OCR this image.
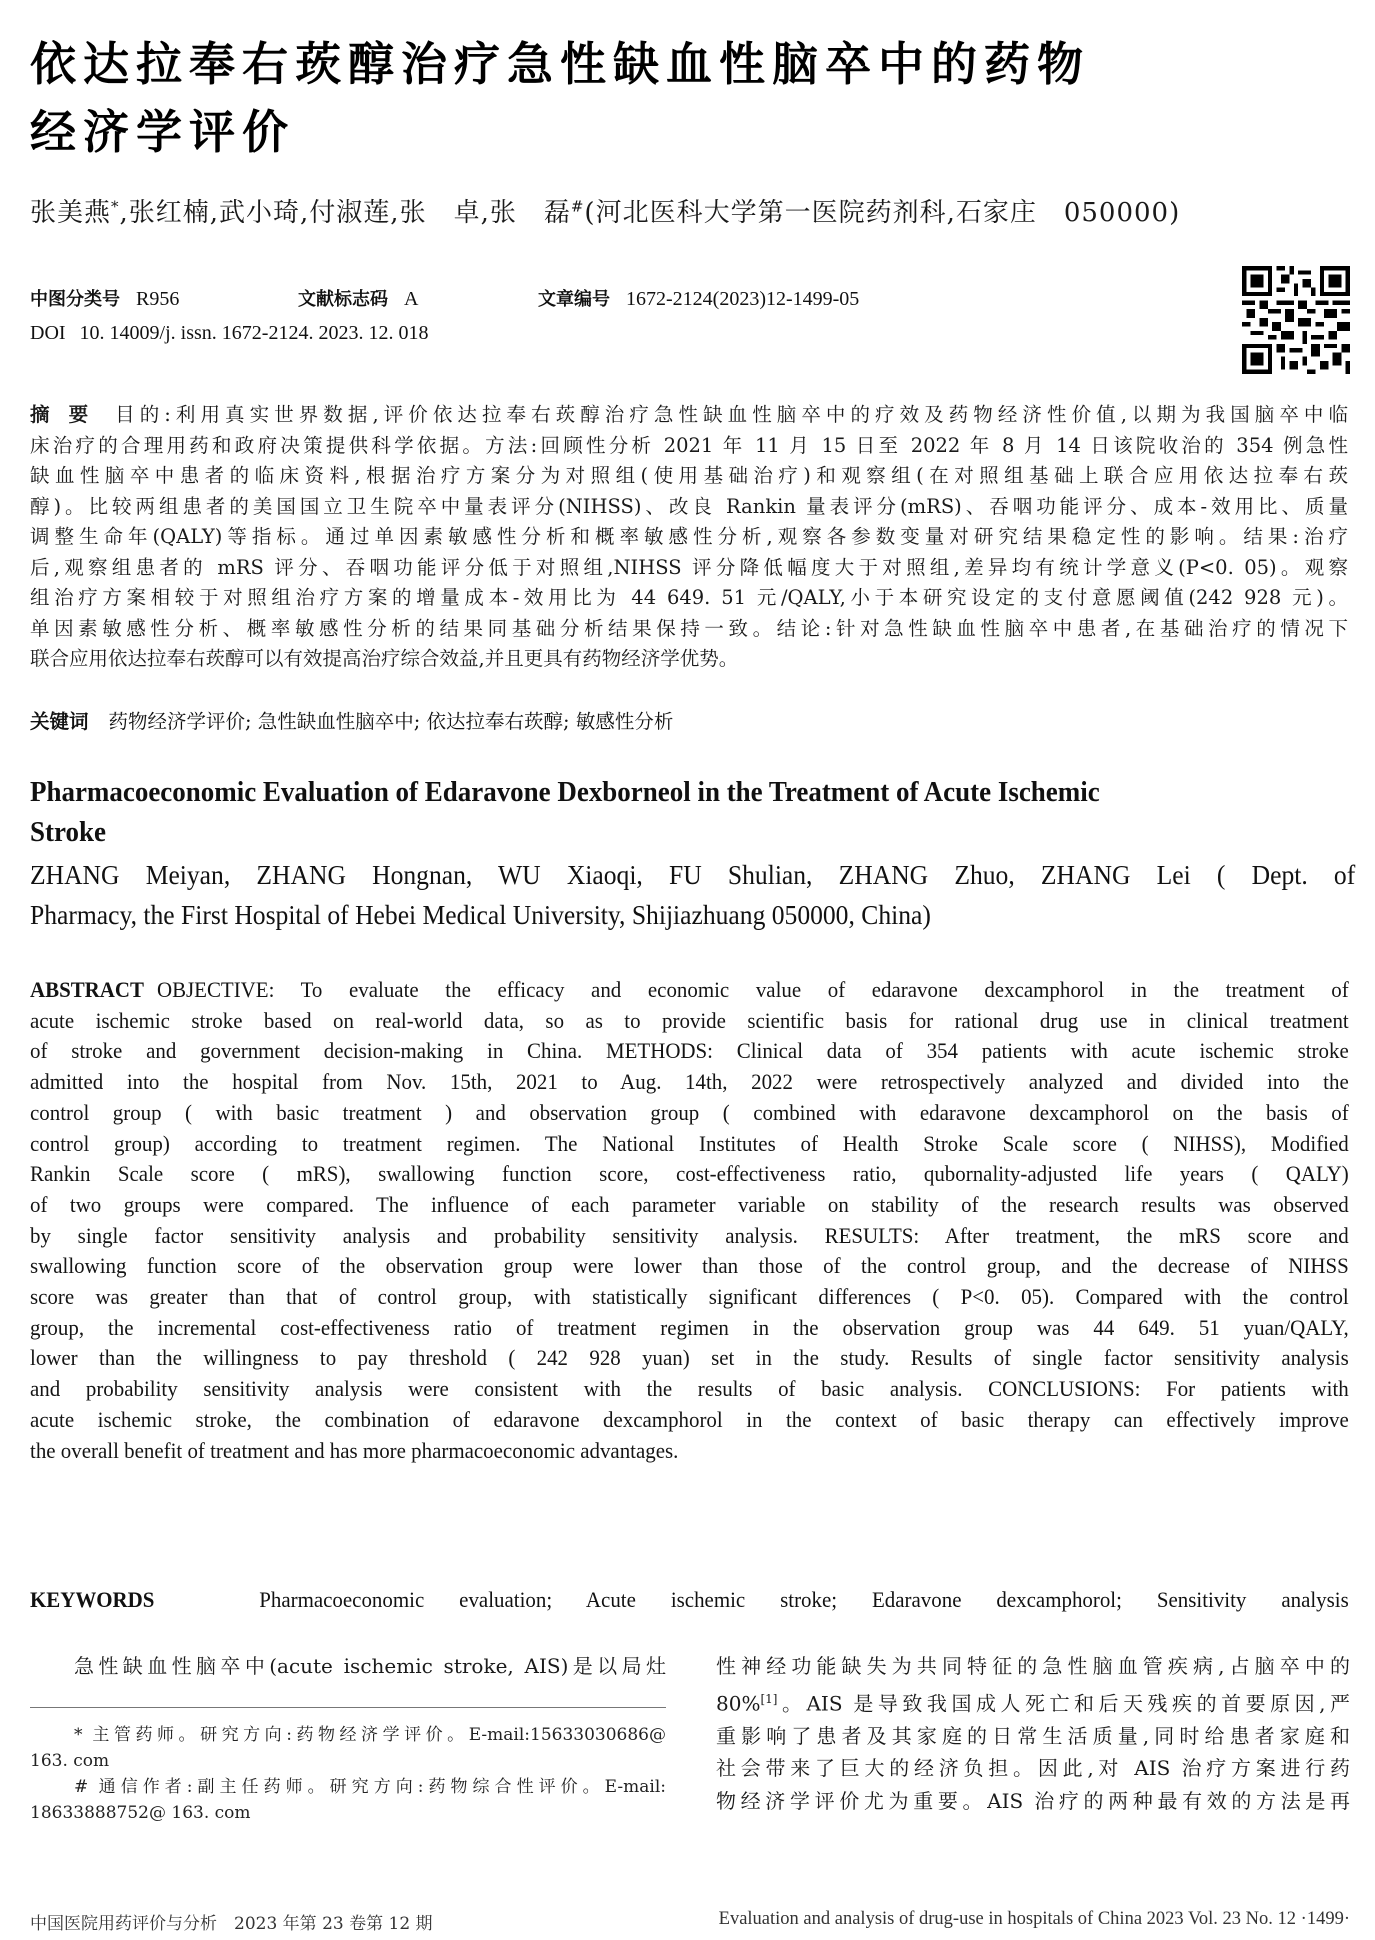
依达拉奉右莰醇治疗急性缺血性脑卒中的药物
经济学评价
张美燕*,张红楠,武小琦,付淑莲,张　卓,张　磊#(河北医科大学第一医院药剂科,石家庄　050000)
中图分类号 R956	文献标志码 A	文章编号 1672-2124(2023)12-1499-05
DOI 10. 14009/j. issn. 1672-2124. 2023. 12. 018
摘要 目的:利用真实世界数据,评价依达拉奉右莰醇治疗急性缺血性脑卒中的疗效及药物经济性价值,以期为我国脑卒中临
床治疗的合理用药和政府决策提供科学依据。方法:回顾性分析 2021 年 11 月 15 日至 2022 年 8 月 14 日该院收治的 354 例急性
缺血性脑卒中患者的临床资料,根据治疗方案分为对照组(使用基础治疗)和观察组(在对照组基础上联合应用依达拉奉右莰
醇)。比较两组患者的美国国立卫生院卒中量表评分(NIHSS)、改良 Rankin 量表评分(mRS)、吞咽功能评分、成本-效用比、质量
调整生命年(QALY)等指标。通过单因素敏感性分析和概率敏感性分析,观察各参数变量对研究结果稳定性的影响。结果:治疗
后,观察组患者的 mRS 评分、吞咽功能评分低于对照组,NIHSS 评分降低幅度大于对照组,差异均有统计学意义(P<0. 05)。观察
组治疗方案相较于对照组治疗方案的增量成本-效用比为 44 649. 51 元/QALY,小于本研究设定的支付意愿阈值(242 928 元)。
单因素敏感性分析、概率敏感性分析的结果同基础分析结果保持一致。结论:针对急性缺血性脑卒中患者,在基础治疗的情况下
联合应用依达拉奉右莰醇可以有效提高治疗综合效益,并且更具有药物经济学优势。
关键词 药物经济学评价; 急性缺血性脑卒中; 依达拉奉右莰醇; 敏感性分析
Pharmacoeconomic Evaluation of Edaravone Dexborneol in the Treatment of Acute Ischemic
Stroke
ZHANG Meiyan, ZHANG Hongnan, WU Xiaoqi, FU Shulian, ZHANG Zhuo, ZHANG Lei ( Dept. of
Pharmacy, the First Hospital of Hebei Medical University, Shijiazhuang 050000, China)
ABSTRACT OBJECTIVE: To evaluate the efficacy and economic value of edaravone dexcamphorol in the treatment of
acute ischemic stroke based on real-world data, so as to provide scientific basis for rational drug use in clinical treatment
of stroke and government decision-making in China. METHODS: Clinical data of 354 patients with acute ischemic stroke
admitted into the hospital from Nov. 15th, 2021 to Aug. 14th, 2022 were retrospectively analyzed and divided into the
control group ( with basic treatment ) and observation group ( combined with edaravone dexcamphorol on the basis of
control group) according to treatment regimen. The National Institutes of Health Stroke Scale score ( NIHSS), Modified
Rankin Scale score ( mRS), swallowing function score, cost-effectiveness ratio, qubornality-adjusted life years ( QALY)
of two groups were compared. The influence of each parameter variable on stability of the research results was observed
by single factor sensitivity analysis and probability sensitivity analysis. RESULTS: After treatment, the mRS score and
swallowing function score of the observation group were lower than those of the control group, and the decrease of NIHSS
score was greater than that of control group, with statistically significant differences ( P<0. 05). Compared with the control
group, the incremental cost-effectiveness ratio of treatment regimen in the observation group was 44 649. 51 yuan/QALY,
lower than the willingness to pay threshold ( 242 928 yuan) set in the study. Results of single factor sensitivity analysis
and probability sensitivity analysis were consistent with the results of basic analysis. CONCLUSIONS: For patients with
acute ischemic stroke, the combination of edaravone dexcamphorol in the context of basic therapy can effectively improve
the overall benefit of treatment and has more pharmacoeconomic advantages.
KEYWORDS	Pharmacoeconomic evaluation; Acute ischemic stroke; Edaravone dexcamphorol; Sensitivity analysis
急性缺血性脑卒中(acute ischemic stroke, AIS)是以局灶
* 主管药师。研究方向:药物经济学评价。E-mail:15633030686@
163. com
# 通信作者:副主任药师。研究方向:药物综合性评价。E-mail:
18633888752@ 163. com
性神经功能缺失为共同特征的急性脑血管疾病,占脑卒中的
80%[1]。AIS 是导致我国成人死亡和后天残疾的首要原因,严
重影响了患者及其家庭的日常生活质量,同时给患者家庭和
社会带来了巨大的经济负担。因此,对 AIS 治疗方案进行药
物经济学评价尤为重要。AIS 治疗的两种最有效的方法是再
中国医院用药评价与分析　2023 年第 23 卷第 12 期	Evaluation and analysis of drug-use in hospitals of China 2023 Vol. 23 No. 12 ·1499·
